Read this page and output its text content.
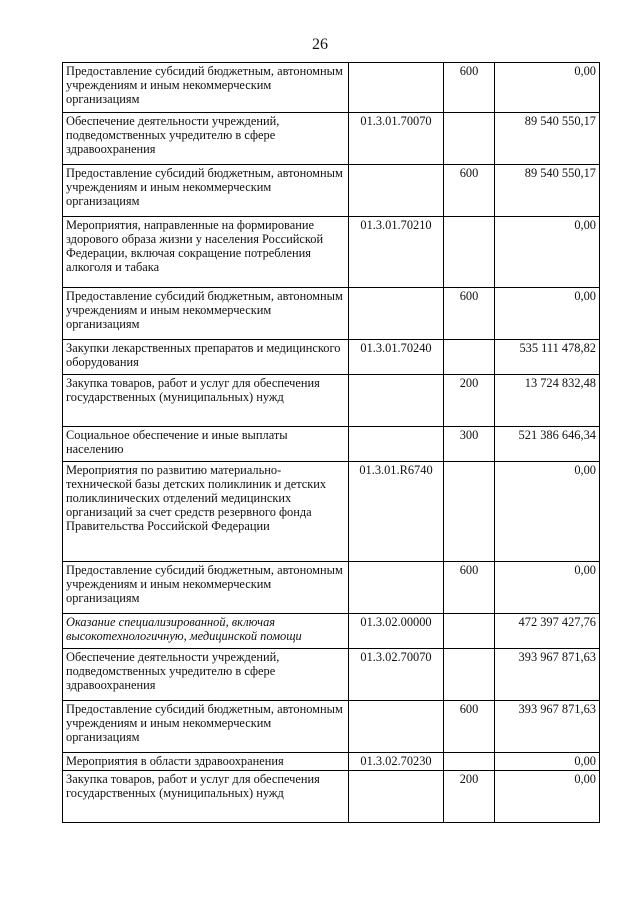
26
Предоставление субсидий бюджетным, автономным учреждениям и иным некоммерческим организациям		600	0,00
Обеспечение деятельности учреждений, подведомственных учредителю в сфере здравоохранения	01.3.01.70070		89 540 550,17
Предоставление субсидий бюджетным, автономным учреждениям и иным некоммерческим организациям		600	89 540 550,17
Мероприятия, направленные на формирование здорового образа жизни у населения Российской Федерации, включая сокращение потребления алкоголя и табака	01.3.01.70210		0,00
Предоставление субсидий бюджетным, автономным учреждениям и иным некоммерческим организациям		600	0,00
Закупки лекарственных препаратов и медицинского оборудования	01.3.01.70240		535 111 478,82
Закупка товаров, работ и услуг для обеспечения государственных (муниципальных) нужд		200	13 724 832,48
Социальное обеспечение и иные выплаты населению		300	521 386 646,34
Мероприятия по развитию материально-технической базы детских поликлиник и детских поликлинических отделений медицинских организаций за счет средств резервного фонда Правительства Российской Федерации	01.3.01.R6740		0,00
Предоставление субсидий бюджетным, автономным учреждениям и иным некоммерческим организациям		600	0,00
Оказание специализированной, включая высокотехнологичную, медицинской помощи	01.3.02.00000		472 397 427,76
Обеспечение деятельности учреждений, подведомственных учредителю в сфере здравоохранения	01.3.02.70070		393 967 871,63
Предоставление субсидий бюджетным, автономным учреждениям и иным некоммерческим организациям		600	393 967 871,63
Мероприятия в области здравоохранения	01.3.02.70230		0,00
Закупка товаров, работ и услуг для обеспечения государственных (муниципальных) нужд		200	0,00
